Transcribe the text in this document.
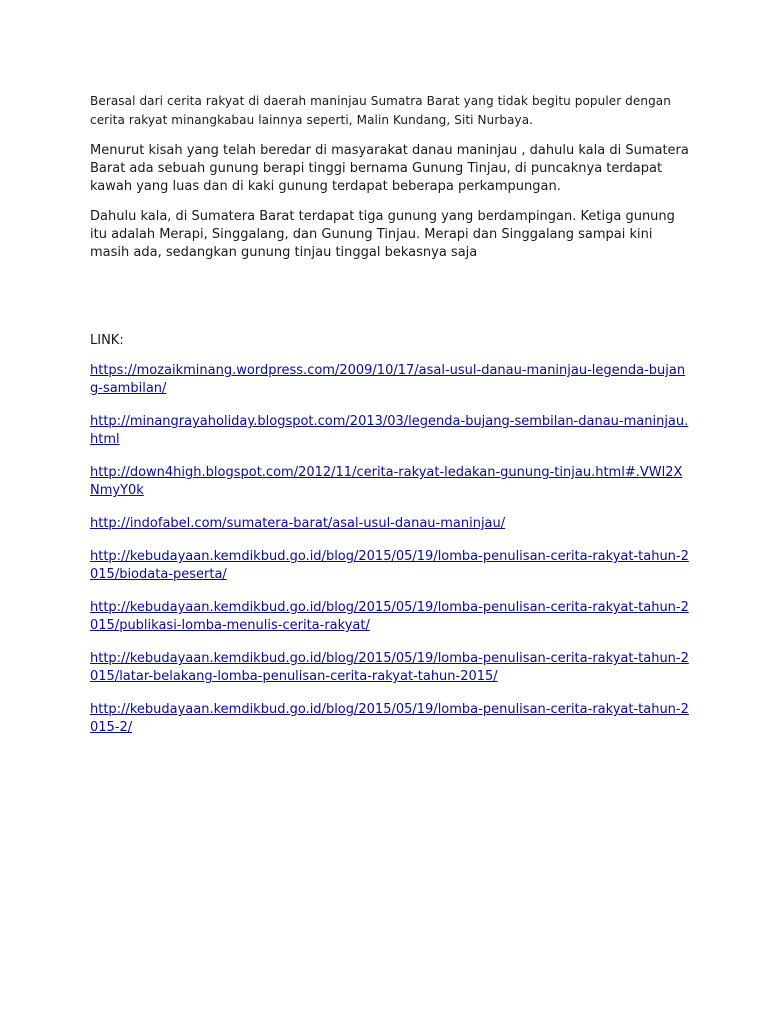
Berasal dari cerita rakyat di daerah maninjau Sumatra Barat yang tidak begitu populer dengan cerita rakyat minangkabau lainnya seperti, Malin Kundang, Siti Nurbaya.

Menurut kisah yang telah beredar di masyarakat danau maninjau , dahulu kala di Sumatera Barat ada sebuah gunung berapi tinggi bernama Gunung Tinjau, di puncaknya terdapat kawah yang luas dan di kaki gunung terdapat beberapa perkampungan.

Dahulu kala, di Sumatera Barat terdapat tiga gunung yang berdampingan. Ketiga gunung itu adalah Merapi, Singgalang, dan Gunung Tinjau. Merapi dan Singgalang sampai kini masih ada, sedangkan gunung tinjau tinggal bekasnya saja

LINK:

https://mozaikminang.wordpress.com/2009/10/17/asal-usul-danau-maninjau-legenda-bujang-sambilan/
http://minangrayaholiday.blogspot.com/2013/03/legenda-bujang-sembilan-danau-maninjau.html
http://down4high.blogspot.com/2012/11/cerita-rakyat-ledakan-gunung-tinjau.html#.VWl2XNmyY0k
http://indofabel.com/sumatera-barat/asal-usul-danau-maninjau/
http://kebudayaan.kemdikbud.go.id/blog/2015/05/19/lomba-penulisan-cerita-rakyat-tahun-2015/biodata-peserta/
http://kebudayaan.kemdikbud.go.id/blog/2015/05/19/lomba-penulisan-cerita-rakyat-tahun-2015/publikasi-lomba-menulis-cerita-rakyat/
http://kebudayaan.kemdikbud.go.id/blog/2015/05/19/lomba-penulisan-cerita-rakyat-tahun-2015/latar-belakang-lomba-penulisan-cerita-rakyat-tahun-2015/
http://kebudayaan.kemdikbud.go.id/blog/2015/05/19/lomba-penulisan-cerita-rakyat-tahun-2015-2/
